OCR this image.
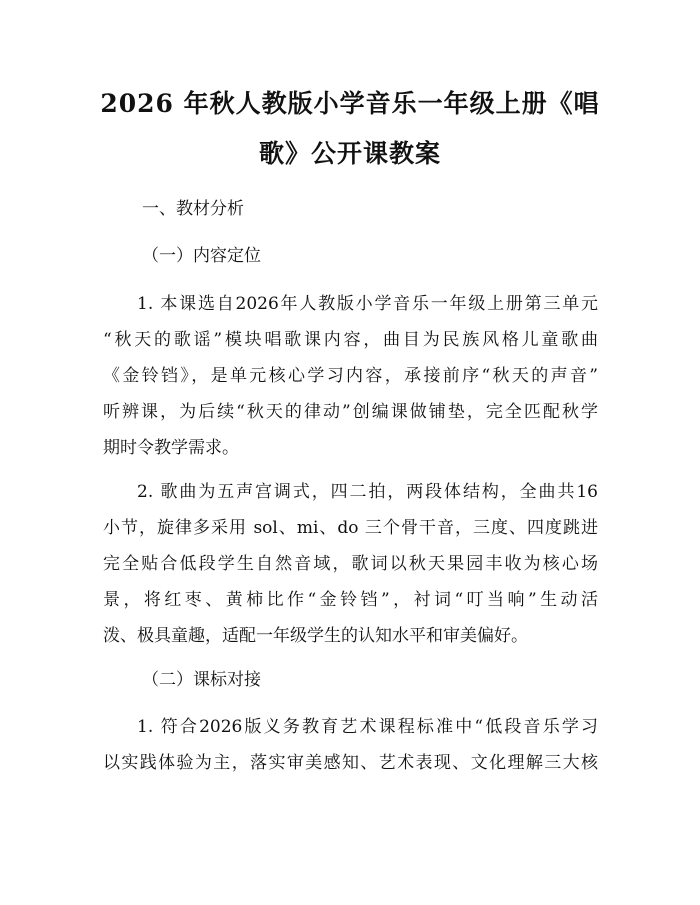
2026 年秋人教版小学音乐一年级上册《唱
歌》公开课教案
一、教材分析
（一）内容定位
1. 本课选自2026年人教版小学音乐一年级上册第三单元
“秋天的歌谣”模块唱歌课内容，曲目为民族风格儿童歌曲
《金铃铛》，是单元核心学习内容，承接前序“秋天的声音”
听辨课，为后续“秋天的律动”创编课做铺垫，完全匹配秋学
期时令教学需求。
2. 歌曲为五声宫调式，四二拍，两段体结构，全曲共16
小节，旋律多采用 sol、mi、do 三个骨干音，三度、四度跳进
完全贴合低段学生自然音域，歌词以秋天果园丰收为核心场
景，将红枣、黄柿比作“金铃铛”，衬词“叮当响”生动活
泼、极具童趣，适配一年级学生的认知水平和审美偏好。
（二）课标对接
1. 符合2026版义务教育艺术课程标准中“低段音乐学习
以实践体验为主，落实审美感知、艺术表现、文化理解三大核
